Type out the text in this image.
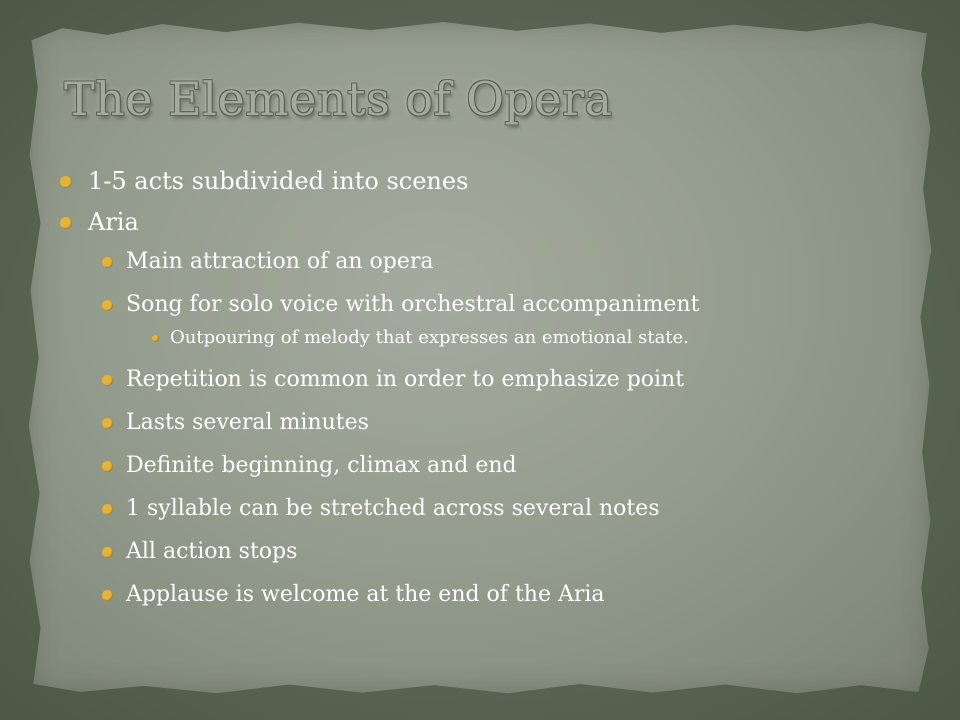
The Elements of Opera
1-5 acts subdivided into scenes
Aria
Main attraction of an opera
Song for solo voice with orchestral accompaniment
Outpouring of melody that expresses an emotional state.
Repetition is common in order to emphasize point
Lasts several minutes
Definite beginning, climax and end
1 syllable can be stretched across several notes
All action stops
Applause is welcome at the end of the Aria
